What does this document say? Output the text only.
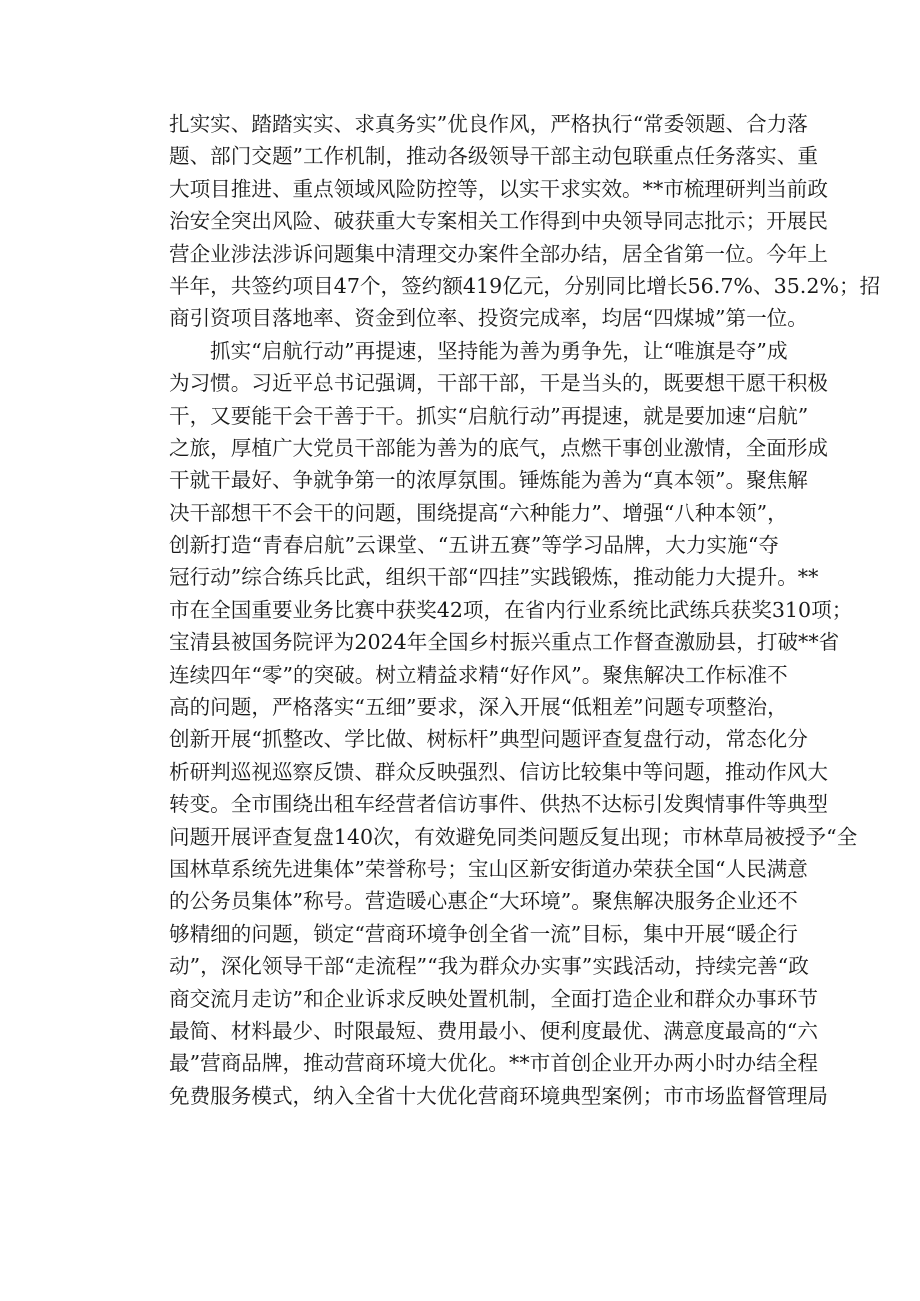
扎实实、踏踏实实、求真务实”优良作风，严格执行“常委领题、合力落
题、部门交题”工作机制，推动各级领导干部主动包联重点任务落实、重
大项目推进、重点领域风险防控等，以实干求实效。**市梳理研判当前政
治安全突出风险、破获重大专案相关工作得到中央领导同志批示；开展民
营企业涉法涉诉问题集中清理交办案件全部办结，居全省第一位。今年上
半年，共签约项目47个，签约额419亿元，分别同比增长56.7%、35.2%；招
商引资项目落地率、资金到位率、投资完成率，均居“四煤城”第一位。
抓实“启航行动”再提速，坚持能为善为勇争先，让“唯旗是夺”成
为习惯。习近平总书记强调，干部干部，干是当头的，既要想干愿干积极
干，又要能干会干善于干。抓实“启航行动”再提速，就是要加速“启航”
之旅，厚植广大党员干部能为善为的底气，点燃干事创业激情，全面形成
干就干最好、争就争第一的浓厚氛围。锤炼能为善为“真本领”。聚焦解
决干部想干不会干的问题，围绕提高“六种能力”、增强“八种本领”，
创新打造“青春启航”云课堂、“五讲五赛”等学习品牌，大力实施“夺
冠行动”综合练兵比武，组织干部“四挂”实践锻炼，推动能力大提升。**
市在全国重要业务比赛中获奖42项，在省内行业系统比武练兵获奖310项；
宝清县被国务院评为2024年全国乡村振兴重点工作督查激励县，打破**省
连续四年“零”的突破。树立精益求精“好作风”。聚焦解决工作标准不
高的问题，严格落实“五细”要求，深入开展“低粗差”问题专项整治，
创新开展“抓整改、学比做、树标杆”典型问题评查复盘行动，常态化分
析研判巡视巡察反馈、群众反映强烈、信访比较集中等问题，推动作风大
转变。全市围绕出租车经营者信访事件、供热不达标引发舆情事件等典型
问题开展评查复盘140次，有效避免同类问题反复出现；市林草局被授予“全
国林草系统先进集体”荣誉称号；宝山区新安街道办荣获全国“人民满意
的公务员集体”称号。营造暖心惠企“大环境”。聚焦解决服务企业还不
够精细的问题，锁定“营商环境争创全省一流”目标，集中开展“暖企行
动”，深化领导干部“走流程”“我为群众办实事”实践活动，持续完善“政
商交流月走访”和企业诉求反映处置机制，全面打造企业和群众办事环节
最简、材料最少、时限最短、费用最小、便利度最优、满意度最高的“六
最”营商品牌，推动营商环境大优化。**市首创企业开办两小时办结全程
免费服务模式，纳入全省十大优化营商环境典型案例；市市场监督管理局
